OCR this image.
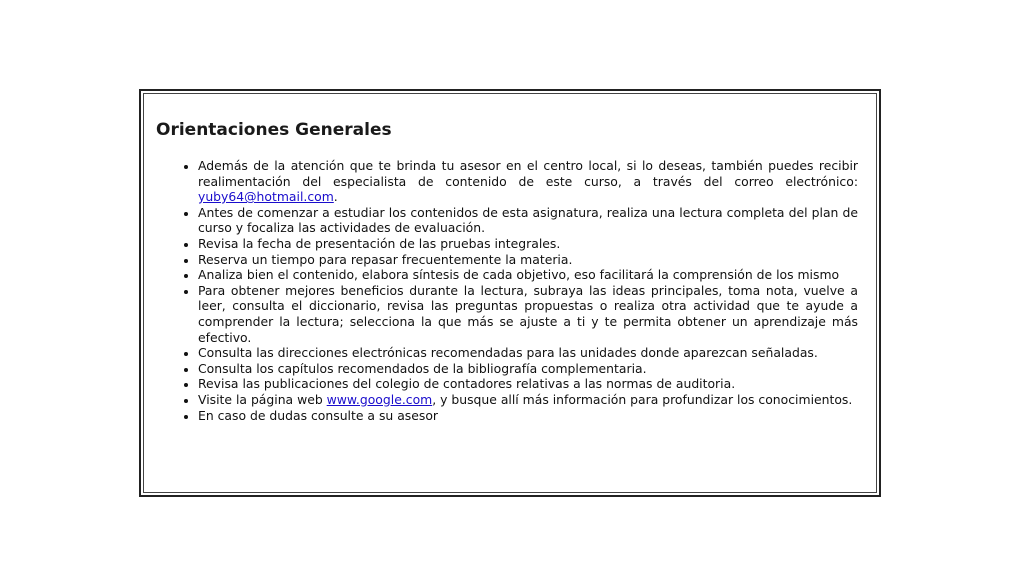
Orientaciones Generales
• Además de la atención que te brinda tu asesor en el centro local, si lo deseas, también puedes recibir realimentación del especialista de contenido de este curso, a través del correo electrónico: yuby64@hotmail.com.
• Antes de comenzar a estudiar los contenidos de esta asignatura, realiza una lectura completa del plan de curso y focaliza las actividades de evaluación.
• Revisa la fecha de presentación de las pruebas integrales.
• Reserva un tiempo para repasar frecuentemente la materia.
• Analiza bien el contenido, elabora síntesis de cada objetivo, eso facilitará la comprensión de los mismo
• Para obtener mejores beneficios durante la lectura, subraya las ideas principales, toma nota, vuelve a leer, consulta el diccionario, revisa las preguntas propuestas o realiza otra actividad que te ayude a comprender la lectura; selecciona la que más se ajuste a ti y te permita obtener un aprendizaje más efectivo.
• Consulta las direcciones electrónicas recomendadas para las unidades donde aparezcan señaladas.
• Consulta los capítulos recomendados de la bibliografía complementaria.
• Revisa las publicaciones del colegio de contadores relativas a las normas de auditoria.
• Visite la página web www.google.com, y busque allí más información para profundizar los conocimientos.
• En caso de dudas consulte a su asesor
